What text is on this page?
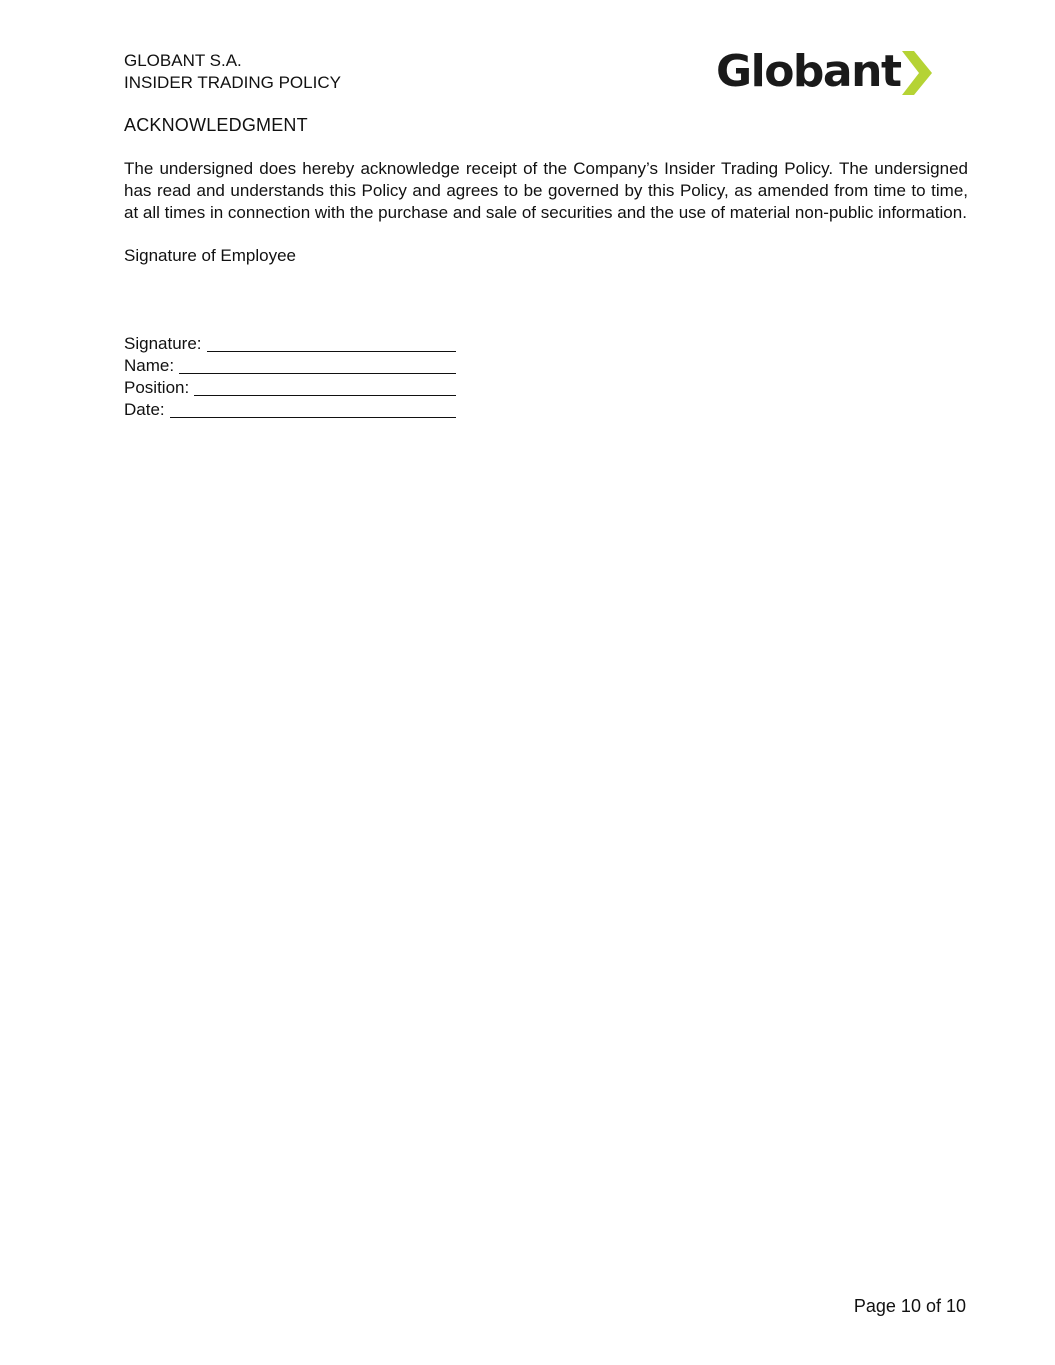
GLOBANT S.A.
INSIDER TRADING POLICY	Globant
ACKNOWLEDGMENT
The undersigned does hereby acknowledge receipt of the Company’s Insider Trading Policy. The undersigned has read and understands this Policy and agrees to be governed by this Policy, as amended from time to time, at all times in connection with the purchase and sale of securities and the use of material non-public information.
Signature of Employee
Signature:
Name:
Position:
Date:
Page 10 of 10
